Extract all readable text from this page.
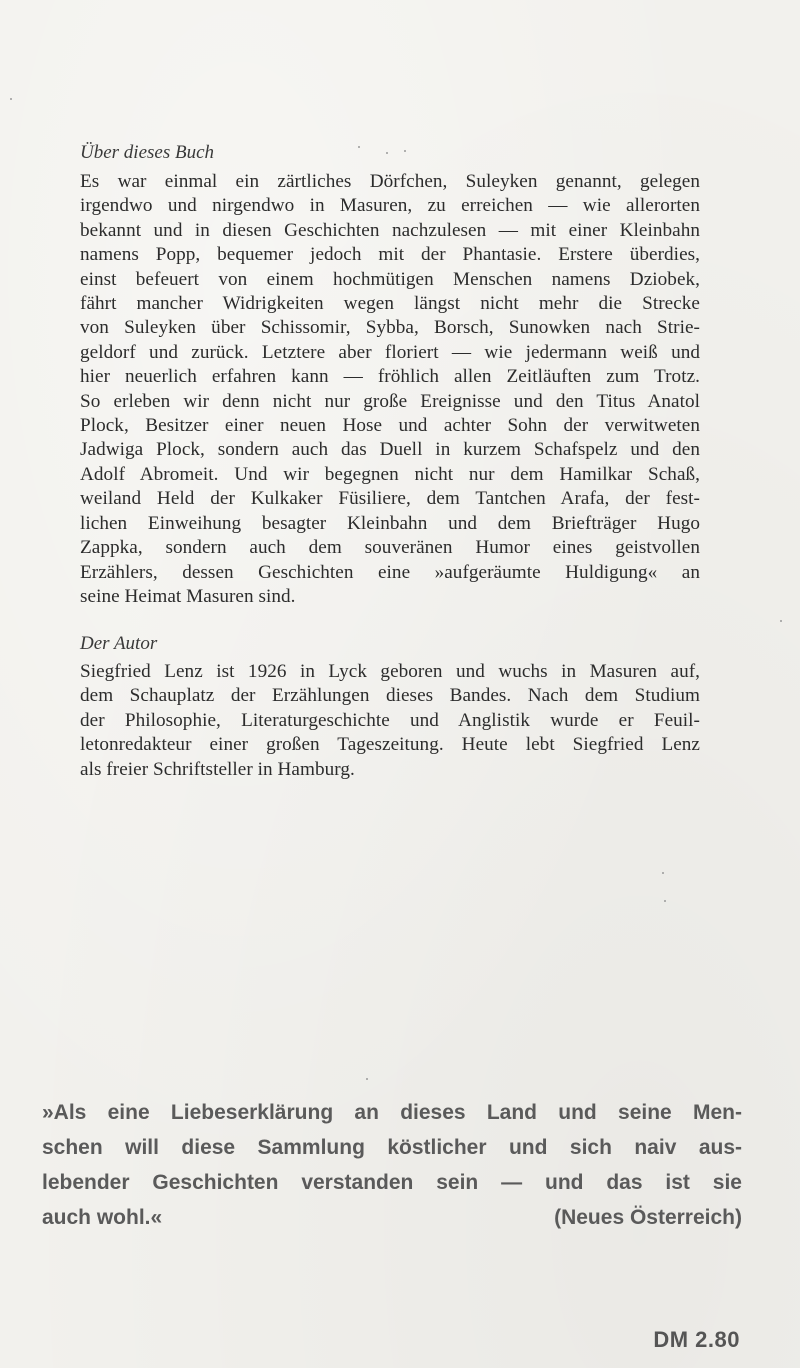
Über dieses Buch

Es war einmal ein zärtliches Dörfchen, Suleyken genannt, gelegen
irgendwo und nirgendwo in Masuren, zu erreichen — wie allerorten
bekannt und in diesen Geschichten nachzulesen — mit einer Kleinbahn
namens Popp, bequemer jedoch mit der Phantasie. Erstere überdies,
einst befeuert von einem hochmütigen Menschen namens Dziobek,
fährt mancher Widrigkeiten wegen längst nicht mehr die Strecke
von Suleyken über Schissomir, Sybba, Borsch, Sunowken nach Strie-
geldorf und zurück. Letztere aber floriert — wie jedermann weiß und
hier neuerlich erfahren kann — fröhlich allen Zeitläuften zum Trotz.
So erleben wir denn nicht nur große Ereignisse und den Titus Anatol
Plock, Besitzer einer neuen Hose und achter Sohn der verwitweten
Jadwiga Plock, sondern auch das Duell in kurzem Schafspelz und den
Adolf Abromeit. Und wir begegnen nicht nur dem Hamilkar Schaß,
weiland Held der Kulkaker Füsiliere, dem Tantchen Arafa, der fest-
lichen Einweihung besagter Kleinbahn und dem Briefträger Hugo
Zappka, sondern auch dem souveränen Humor eines geistvollen
Erzählers, dessen Geschichten eine »aufgeräumte Huldigung« an
seine Heimat Masuren sind.

Der Autor

Siegfried Lenz ist 1926 in Lyck geboren und wuchs in Masuren auf,
dem Schauplatz der Erzählungen dieses Bandes. Nach dem Studium
der Philosophie, Literaturgeschichte und Anglistik wurde er Feuil-
letonredakteur einer großen Tageszeitung. Heute lebt Siegfried Lenz
als freier Schriftsteller in Hamburg.

»Als eine Liebeserklärung an dieses Land und seine Men-
schen will diese Sammlung köstlicher und sich naiv aus-
lebender Geschichten verstanden sein — und das ist sie
auch wohl.«	(Neues Österreich)
DM 2.80
